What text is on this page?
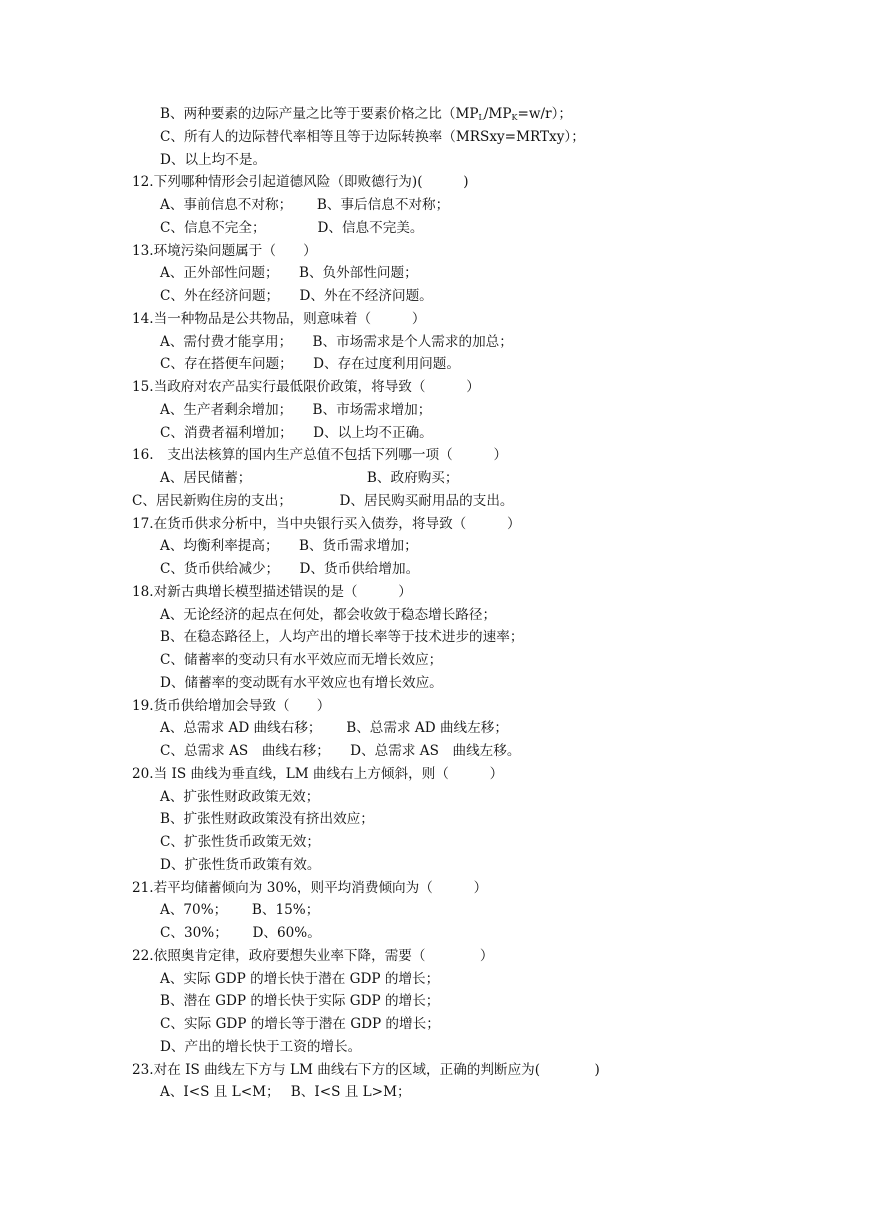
B、两种要素的边际产量之比等于要素价格之比$(MP_L/MP_K=w/r)$；
C、所有人的边际替代率相等且等于边际转换率（MRSxy=MRTxy）；
D、以上均不是。
12.下列哪种情形会引起道德风险（即败德行为)(　　　)
A、事前信息不对称；　　 B、事后信息不对称；
C、信息不完全；　　　　 D、信息不完美。
13.环境污染问题属于（　　）
A、正外部性问题；　　B、负外部性问题；
C、外在经济问题；　　D、外在不经济问题。
14.当一种物品是公共物品，则意味着（　　　）
A、需付费才能享用；　　B、市场需求是个人需求的加总；
C、存在搭便车问题；　　D、存在过度利用问题。
15.当政府对农产品实行最低限价政策，将导致（　　　）
A、生产者剩余增加；　　B、市场需求增加；
C、消费者福利增加；　　D、以上均不正确。
16.　支出法核算的国内生产总值不包括下列哪一项（　　　）
A、居民储蓄；　　　　　　　　　B、政府购买；
C、居民新购住房的支出；　　　　D、居民购买耐用品的支出。
17.在货币供求分析中，当中央银行买入债券，将导致（　　　）
A、均衡利率提高；　　B、货币需求增加；
C、货币供给减少；　　D、货币供给增加。
18.对新古典增长模型描述错误的是（　　　）
A、无论经济的起点在何处，都会收敛于稳态增长路径；
B、在稳态路径上，人均产出的增长率等于技术进步的速率；
C、储蓄率的变动只有水平效应而无增长效应；
D、储蓄率的变动既有水平效应也有增长效应。
19.货币供给增加会导致（　　）
A、总需求 AD 曲线右移；　　 B、总需求 AD 曲线左移；
C、总需求 AS　曲线右移；　　D、总需求 AS　曲线左移。
20.当 IS 曲线为垂直线，LM 曲线右上方倾斜，则（　　　）
A、扩张性财政政策无效；
B、扩张性财政政策没有挤出效应；
C、扩张性货币政策无效；
D、扩张性货币政策有效。
21.若平均储蓄倾向为 30%，则平均消费倾向为（　　　）
A、70%；　　 B、15%；
C、30%；　　 D、60%。
22.依照奥肯定律，政府要想失业率下降，需要（　　　　）
A、实际 GDP 的增长快于潜在 GDP 的增长；
B、潜在 GDP 的增长快于实际 GDP 的增长；
C、实际 GDP 的增长等于潜在 GDP 的增长；
D、产出的增长快于工资的增长。
23.对在 IS 曲线左下方与 LM 曲线右下方的区域，正确的判断应为(　　　　)
A、I<S 且 L<M；　 B、I<S 且 L>M；
